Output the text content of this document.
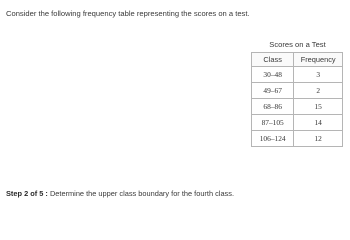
Consider the following frequency table representing the scores on a test.
Scores on a Test
Class	Frequency
30–48	3
49–67	2
68–86	15
87–105	14
106–124	12
Step 2 of 5 : Determine the upper class boundary for the fourth class.
